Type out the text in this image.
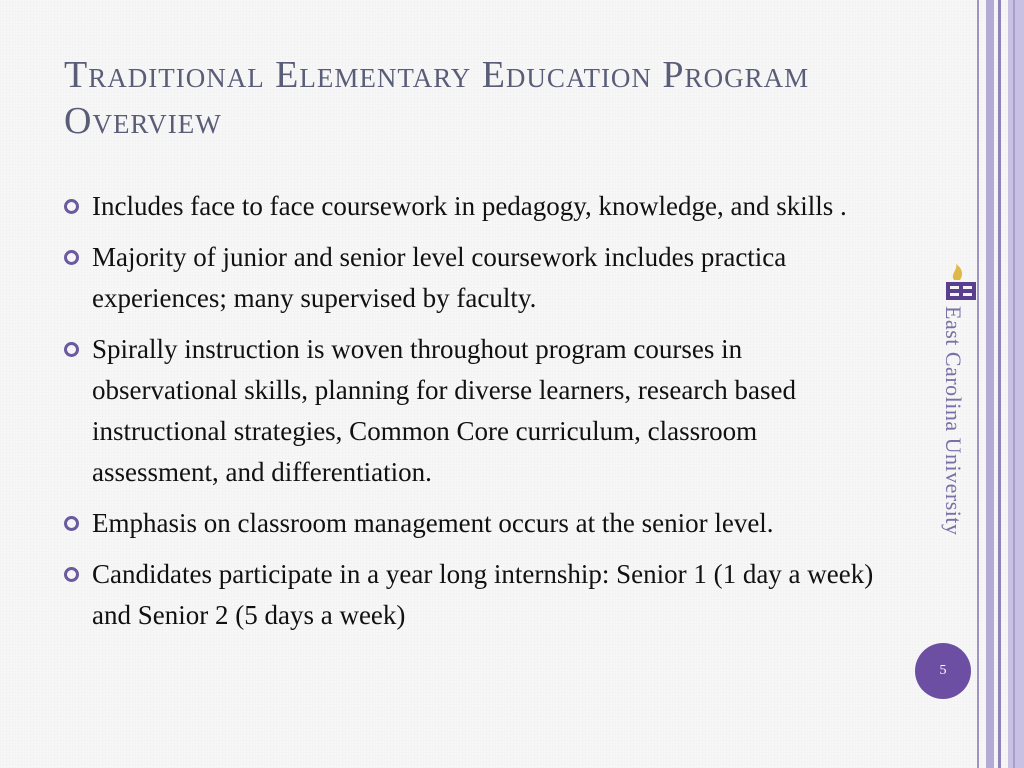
Traditional Elementary Education Program Overview
Includes face to face coursework in pedagogy, knowledge, and skills .
Majority of junior and senior level coursework includes practica experiences; many supervised by faculty.
Spirally instruction is woven throughout program courses in observational skills, planning for diverse learners, research based instructional strategies, Common Core curriculum, classroom assessment, and differentiation.
Emphasis on classroom management occurs at the senior level.
Candidates participate in a year long internship: Senior 1 (1 day a week) and Senior 2 (5 days a week)
East Carolina University
5
